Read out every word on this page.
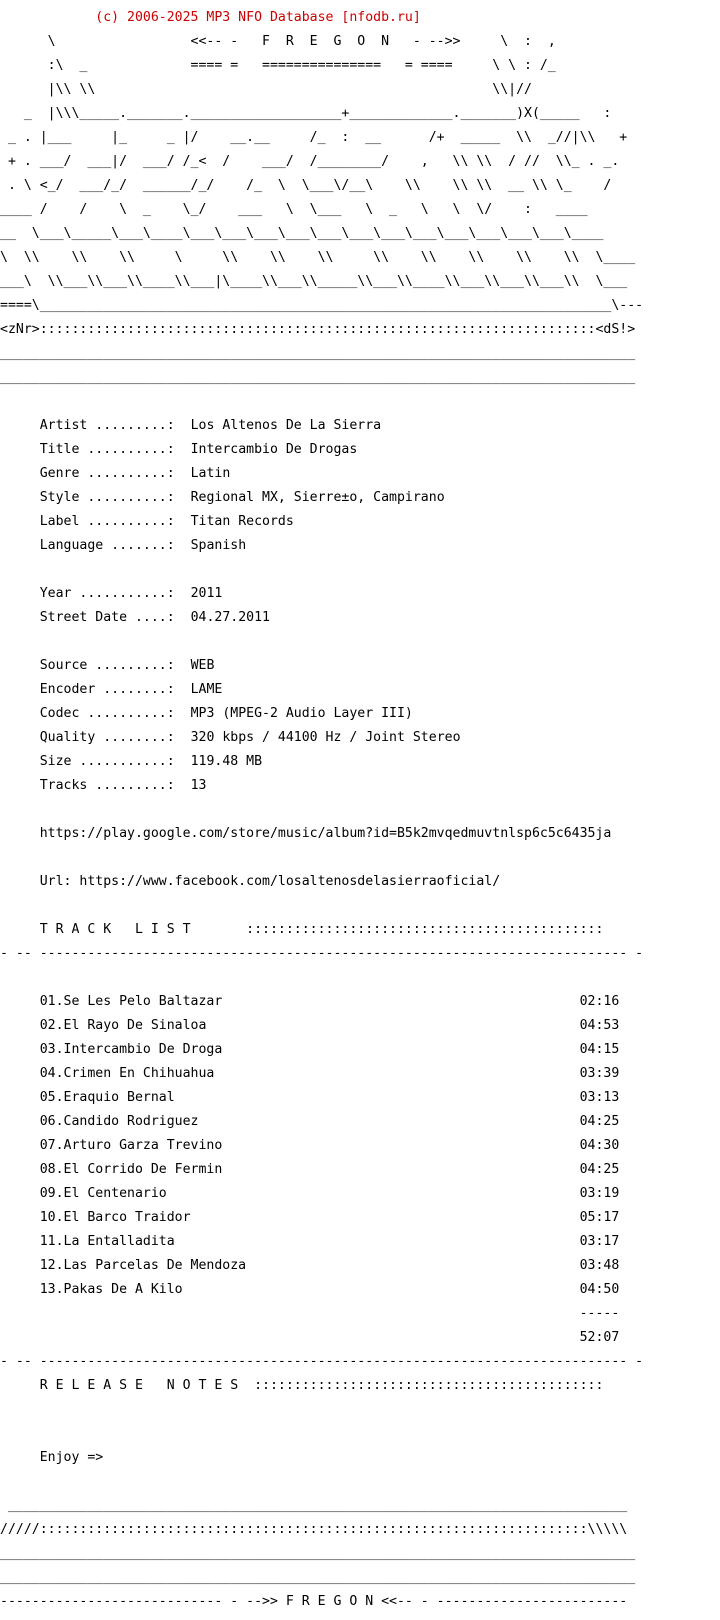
(c) 2006-2025 MP3 NFO Database [nfodb.ru]

\                 <<-- -   F  R  E  G  O  N   - -->>     \  :  ,

:\  _             ==== =   ===============   = ====     \ \ : /_

|\\ \\                                                  \\|//

_  |\\\_____._______.___________________+_____________._______)X(_____   :

_ . |___     |_     _ |/    __.__     /_  :  __      /+  _____  \\  _//|\\   +

+ . ___/  ___|/  ___/ /_<  /    ___/  /________/    ,   \\ \\  / //  \\_ . _.

. \ <_/  ___/_/  ______/_/    /_  \  \___\/__\    \\    \\ \\  __ \\ \_    /

____ /    /    \  _    \_/    ___   \  \___   \  _   \   \  \/    :   ____

__  \___\_____\___\____\___\___\___\___\___\___\___\___\___\___\___\___\____

\  \\    \\    \\     \     \\    \\    \\     \\    \\    \\    \\    \\  \____

___\  \\___\\___\\____\\___|\____\\___\\_____\\___\\____\\___\\___\\___\\  \___

====\________________________________________________________________________\---

<zNr>::::::::::::::::::::::::::::::::::::::::::::::::::::::::::::::::::::::<dS!>

________________________________________________________________________________

________________________________________________________________________________

Artist .........:  Los Altenos De La Sierra

Title ..........:  Intercambio De Drogas

Genre ..........:  Latin

Style ..........:  Regional MX, Sierre±o, Campirano

Label ..........:  Titan Records

Language .......:  Spanish

Year ...........:  2011

Street Date ....:  04.27.2011

Source .........:  WEB

Encoder ........:  LAME

Codec ..........:  MP3 (MPEG-2 Audio Layer III)

Quality ........:  320 kbps / 44100 Hz / Joint Stereo

Size ...........:  119.48 MB

Tracks .........:  13

https://play.google.com/store/music/album?id=B5k2mvqedmuvtnlsp6c5c6435ja

Url: https://www.facebook.com/losaltenosdelasierraoficial/

T R A C K   L I S T       :::::::::::::::::::::::::::::::::::::::::::::

- -- -------------------------------------------------------------------------- -

01.Se Les Pelo Baltazar	02:16

02.El Rayo De Sinaloa	04:53

03.Intercambio De Droga	04:15

04.Crimen En Chihuahua	03:39

05.Eraquio Bernal	03:13

06.Candido Rodriguez	04:25

07.Arturo Garza Trevino	04:30

08.El Corrido De Fermin	04:25

09.El Centenario	03:19

10.El Barco Traidor	05:17

11.La Entalladita	03:17

12.Las Parcelas De Mendoza	03:48

13.Pakas De A Kilo	04:50

-----

52:07

- -- -------------------------------------------------------------------------- -

R E L E A S E   N O T E S  ::::::::::::::::::::::::::::::::::::::::::::

Enjoy =>

______________________________________________________________________________

/////:::::::::::::::::::::::::::::::::::::::::::::::::::::::::::::::::::::\\\\\

________________________________________________________________________________

________________________________________________________________________________

---------------------------- - -->> F R E G O N <<-- - ------------------------
